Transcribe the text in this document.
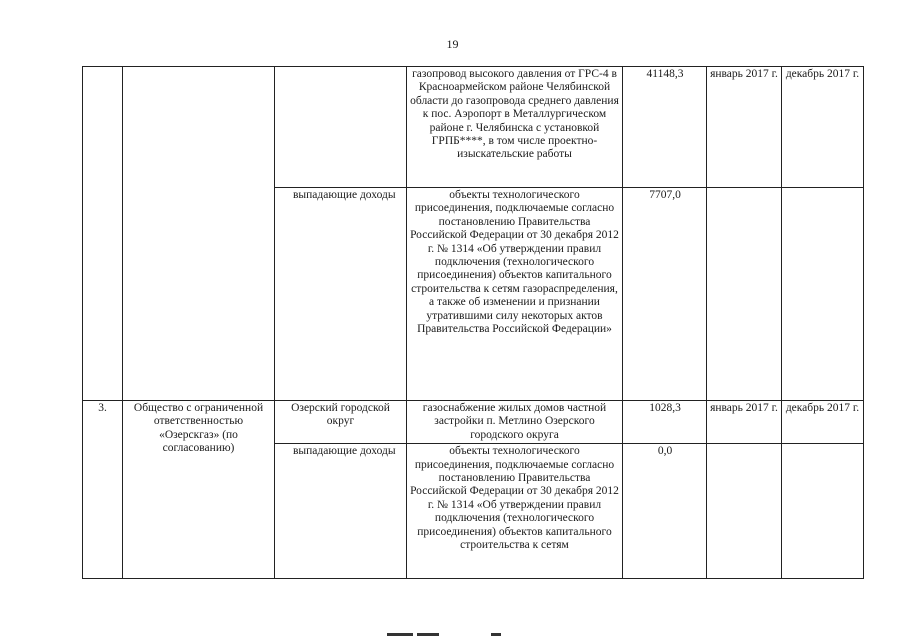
19
			газопровод высокого давления от ГРС-4 в Красноармейском районе Челябинской области до газопровода среднего давления к пос. Аэропорт в Металлургическом районе г. Челябинска с установкой ГРПБ****, в том числе проектно-изыскательские работы	41148,3	январь 2017 г.	декабрь 2017 г.
		выпадающие доходы	объекты технологического присоединения, подключаемые согласно постановлению Правительства Российской Федерации от 30 декабря 2012 г. № 1314 «Об утверждении правил подключения (технологического присоединения) объектов капитального строительства к сетям газораспределения, а также об изменении и признании утратившими силу некоторых актов Правительства Российской Федерации»	7707,0		
3.	Общество с ограниченной ответственностью «Озерскгаз» (по согласованию)	Озерский городской округ	газоснабжение жилых домов частной застройки п. Метлино Озерского городского округа	1028,3	январь 2017 г.	декабрь 2017 г.
		выпадающие доходы	объекты технологического присоединения, подключаемые согласно постановлению Правительства Российской Федерации от 30 декабря 2012 г. № 1314 «Об утверждении правил подключения (технологического присоединения) объектов капитального строительства к сетям	0,0		
